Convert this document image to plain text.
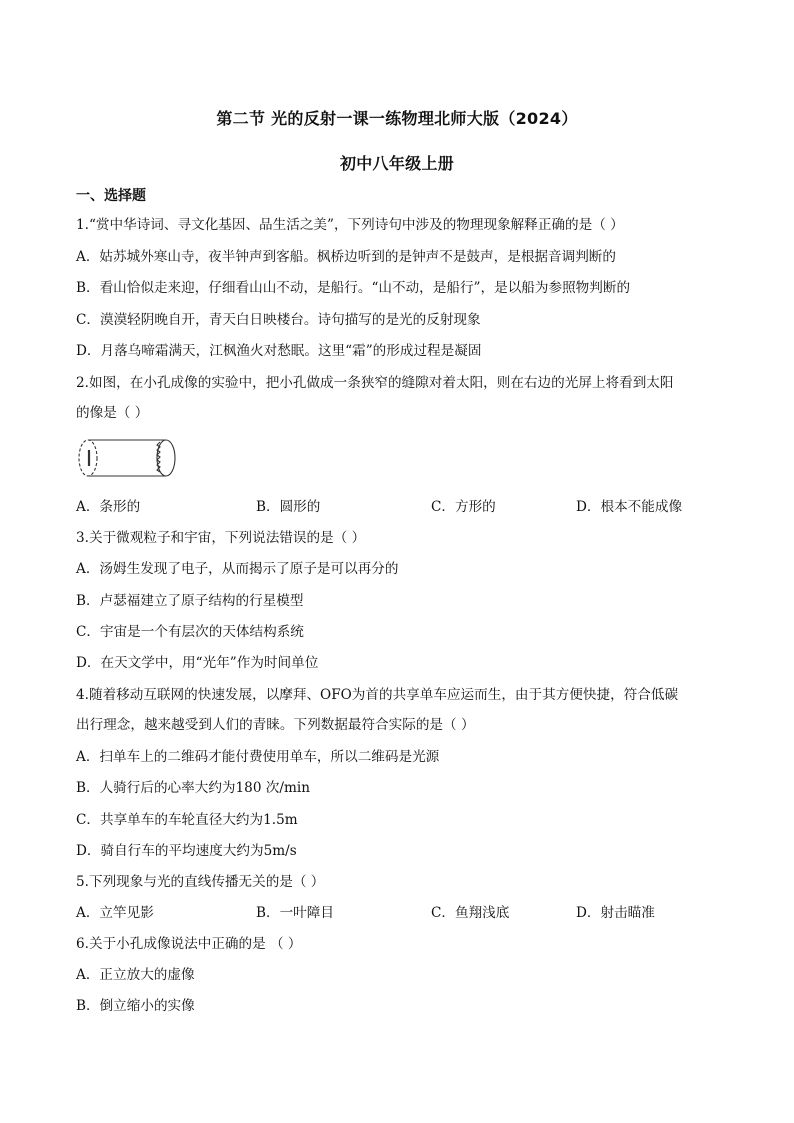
第二节 光的反射一课一练物理北师大版（2024）
初中八年级上册
一、选择题
1.“赏中华诗词、寻文化基因、品生活之美”，下列诗句中涉及的物理现象解释正确的是（ ）
A．姑苏城外寒山寺，夜半钟声到客船。枫桥边听到的是钟声不是鼓声，是根据音调判断的
B．看山恰似走来迎，仔细看山山不动，是船行。“山不动，是船行”，是以船为参照物判断的
C．漠漠轻阴晚自开，青天白日映楼台。诗句描写的是光的反射现象
D．月落乌啼霜满天，江枫渔火对愁眠。这里“霜”的形成过程是凝固
2.如图，在小孔成像的实验中，把小孔做成一条狭窄的缝隙对着太阳，则在右边的光屏上将看到太阳
的像是（ ）
A．条形的	B．圆形的	C．方形的	D．根本不能成像
3.关于微观粒子和宇宙，下列说法错误的是（ ）
A．汤姆生发现了电子，从而揭示了原子是可以再分的
B．卢瑟福建立了原子结构的行星模型
C．宇宙是一个有层次的天体结构系统
D．在天文学中，用“光年”作为时间单位
4.随着移动互联网的快速发展，以摩拜、OFO为首的共享单车应运而生，由于其方便快捷，符合低碳
出行理念，越来越受到人们的青睐。下列数据最符合实际的是（ ）
A．扫单车上的二维码才能付费使用单车，所以二维码是光源
B．人骑行后的心率大约为180 次/min
C．共享单车的车轮直径大约为1.5m
D．骑自行车的平均速度大约为5m/s
5.下列现象与光的直线传播无关的是（ ）
A．立竿见影	B．一叶障目	C．鱼翔浅底	D．射击瞄准
6.关于小孔成像说法中正确的是 （ ）
A．正立放大的虚像
B．倒立缩小的实像
